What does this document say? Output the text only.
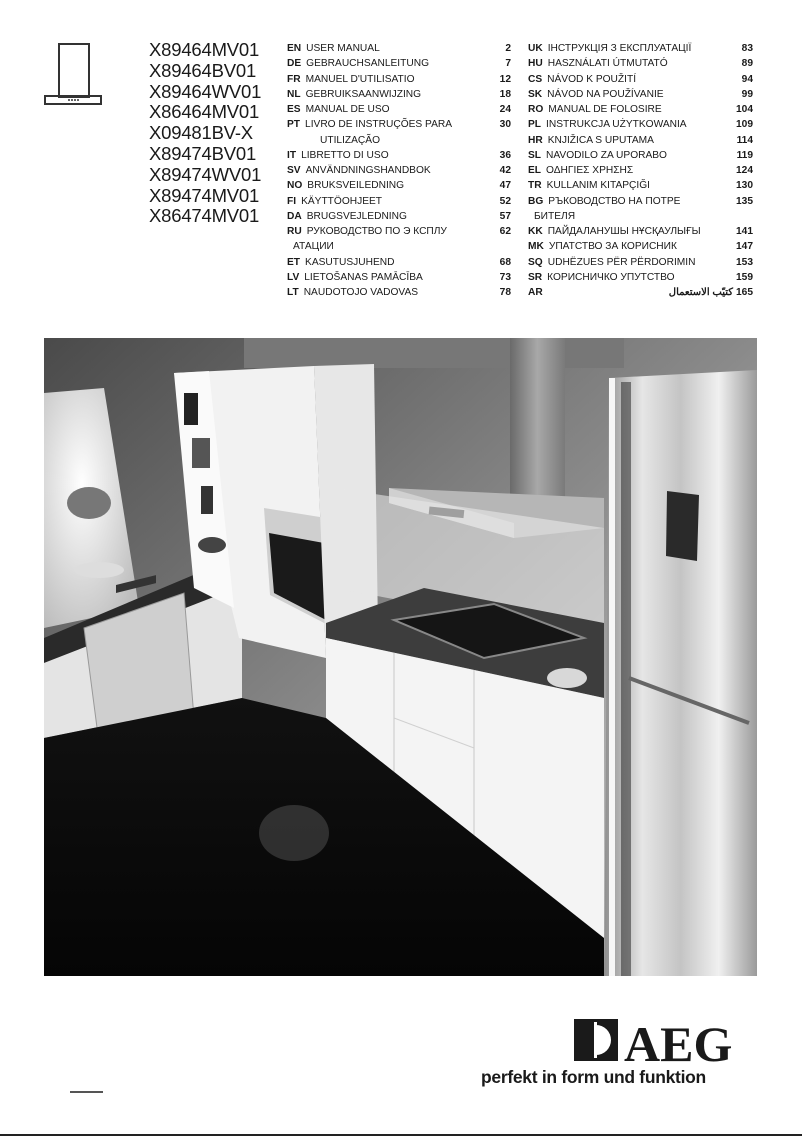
X89464MV01
X89464BV01
X89464WV01
X86464MV01
X09481BV-X
X89474BV01
X89474WV01
X89474MV01
X86474MV01
EN USER MANUAL	2
DE GEBRAUCHSANLEITUNG	7
FR MANUEL D'UTILISATIO	12
NL GEBRUIKSAANWIJZING	18
ES MANUAL DE USO	24
PT LIVRO DE INSTRUÇÕES PARA	30
UTILIZAÇÃO
IT LIBRETTO DI USO	36
SV ANVÄNDNINGSHANDBOK	42
NO BRUKSVEILEDNING	47
FI KÄYTTÖOHJEET	52
DA BRUGSVEJLEDNING	57
RU РУКОВОДСТВО ПО Э КСПЛУ	62
АТАЦИИ
ET KASUTUSJUHEND	68
LV LIETOŠANAS PAMĀCĪBA	73
LT NAUDOTOJO VADOVAS	78
UK ІНСТРУКЦІЯ З ЕКСПЛУАТАЦІЇ	83
HU HASZNÁLATI ÚTMUTATÓ	89
CS NÁVOD K POUŽITÍ	94
SK NÁVOD NA POUŽÍVANIE	99
RO MANUAL DE FOLOSIRE	104
PL INSTRUKCJA UŻYTKOWANIA	109
HR KNJIŽICA S UPUTAMA	114
SL NAVODILO ZA UPORABO	119
EL ΟΔΗΓΙΕΣ ΧΡΗΣΗΣ	124
TR KULLANIM KITAPÇIĞI	130
BG РЪКОВОДСТВО НА ПОТРЕ	135
БИТЕЛЯ
KK ПАЙДАЛАНУШЫ НҰСҚАУЛЫҒЫ	141
MK УПАТСТВО ЗА КОРИСНИК	147
SQ UDHËZUES PËR PËRDORIMIN	153
SR КОРИСНИЧКО УПУТСТВО	159
AR	كتيّب الاستعمال 165
AEG
perfekt in form und funktion
